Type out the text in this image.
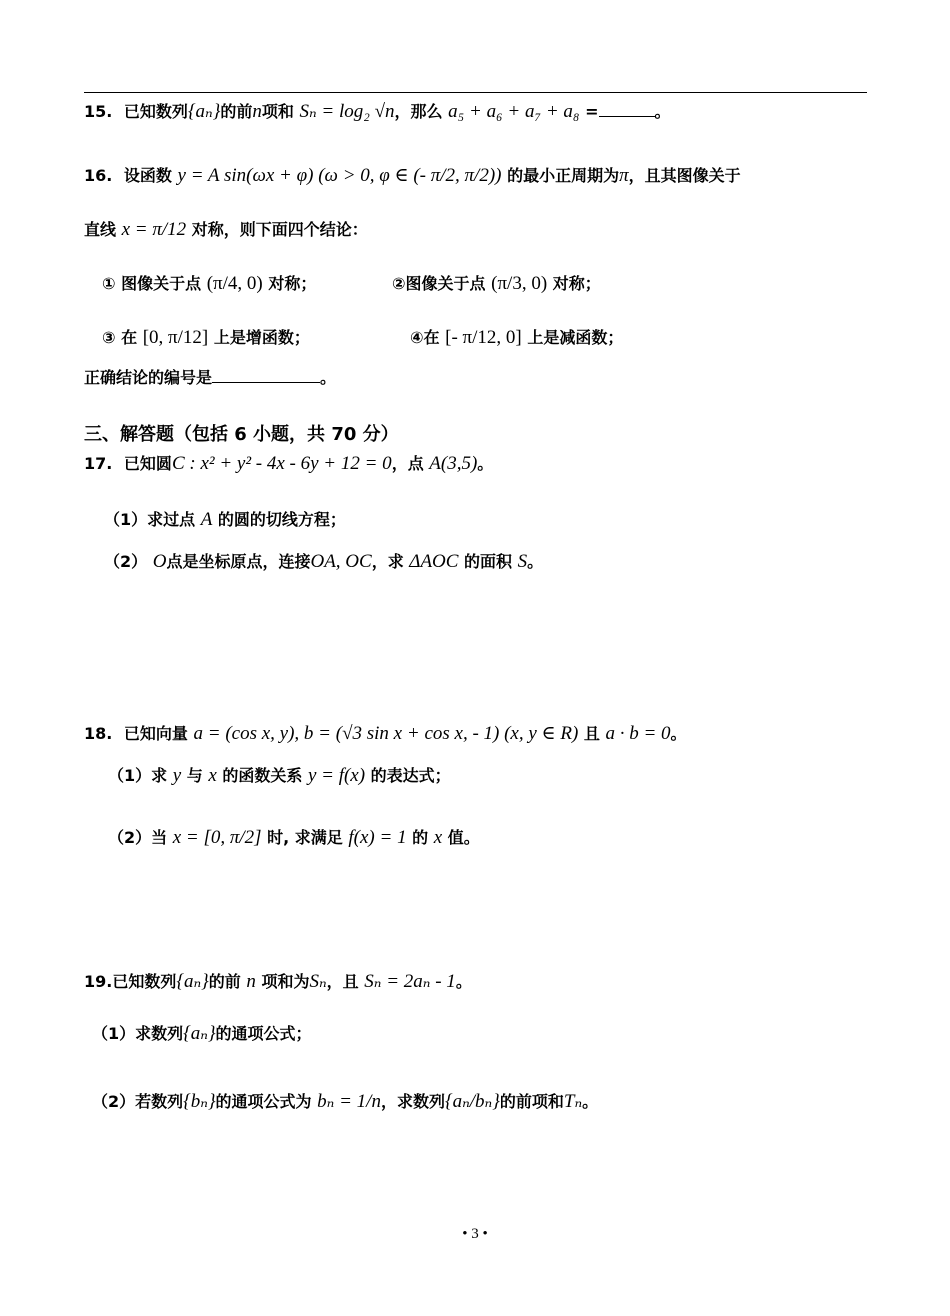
15. 已知数列{aₙ}的前n项和 Sₙ = log₂ √n，那么 a₅ + a₆ + a₇ + a₈ =	。
16. 设函数 y = A sin(ωx + φ) (ω > 0, φ ∈ (- π/2, π/2)) 的最小正周期为π，且其图像关于
直线 x = π/12 对称，则下面四个结论：
① 图像关于点 (π/4, 0) 对称；	②图像关于点 (π/3, 0) 对称；
③ 在 [0, π/12] 上是增函数；	④在 [- π/12, 0] 上是减函数；
正确结论的编号是	。
三、解答题（包括 6 小题，共 70 分）
17. 已知圆C : x² + y² - 4x - 6y + 12 = 0，点 A(3,5)。
（1）求过点 A 的圆的切线方程；
（2） O点是坐标原点，连接OA, OC，求 ΔAOC 的面积 S。
18. 已知向量 a = (cos x, y), b = (√3 sin x + cos x, - 1) (x, y ∈ R) 且 a · b = 0。
（1）求 y 与 x 的函数关系 y = f(x) 的表达式；
（2）当 x = [0, π/2] 时, 求满足 f(x) = 1 的 x 值。
19.已知数列{aₙ}的前 n 项和为Sₙ，且 Sₙ = 2aₙ - 1。
（1）求数列{aₙ}的通项公式；
（2）若数列{bₙ}的通项公式为 bₙ = 1/n，求数列{aₙ/bₙ}的前项和Tₙ。
• 3 •
